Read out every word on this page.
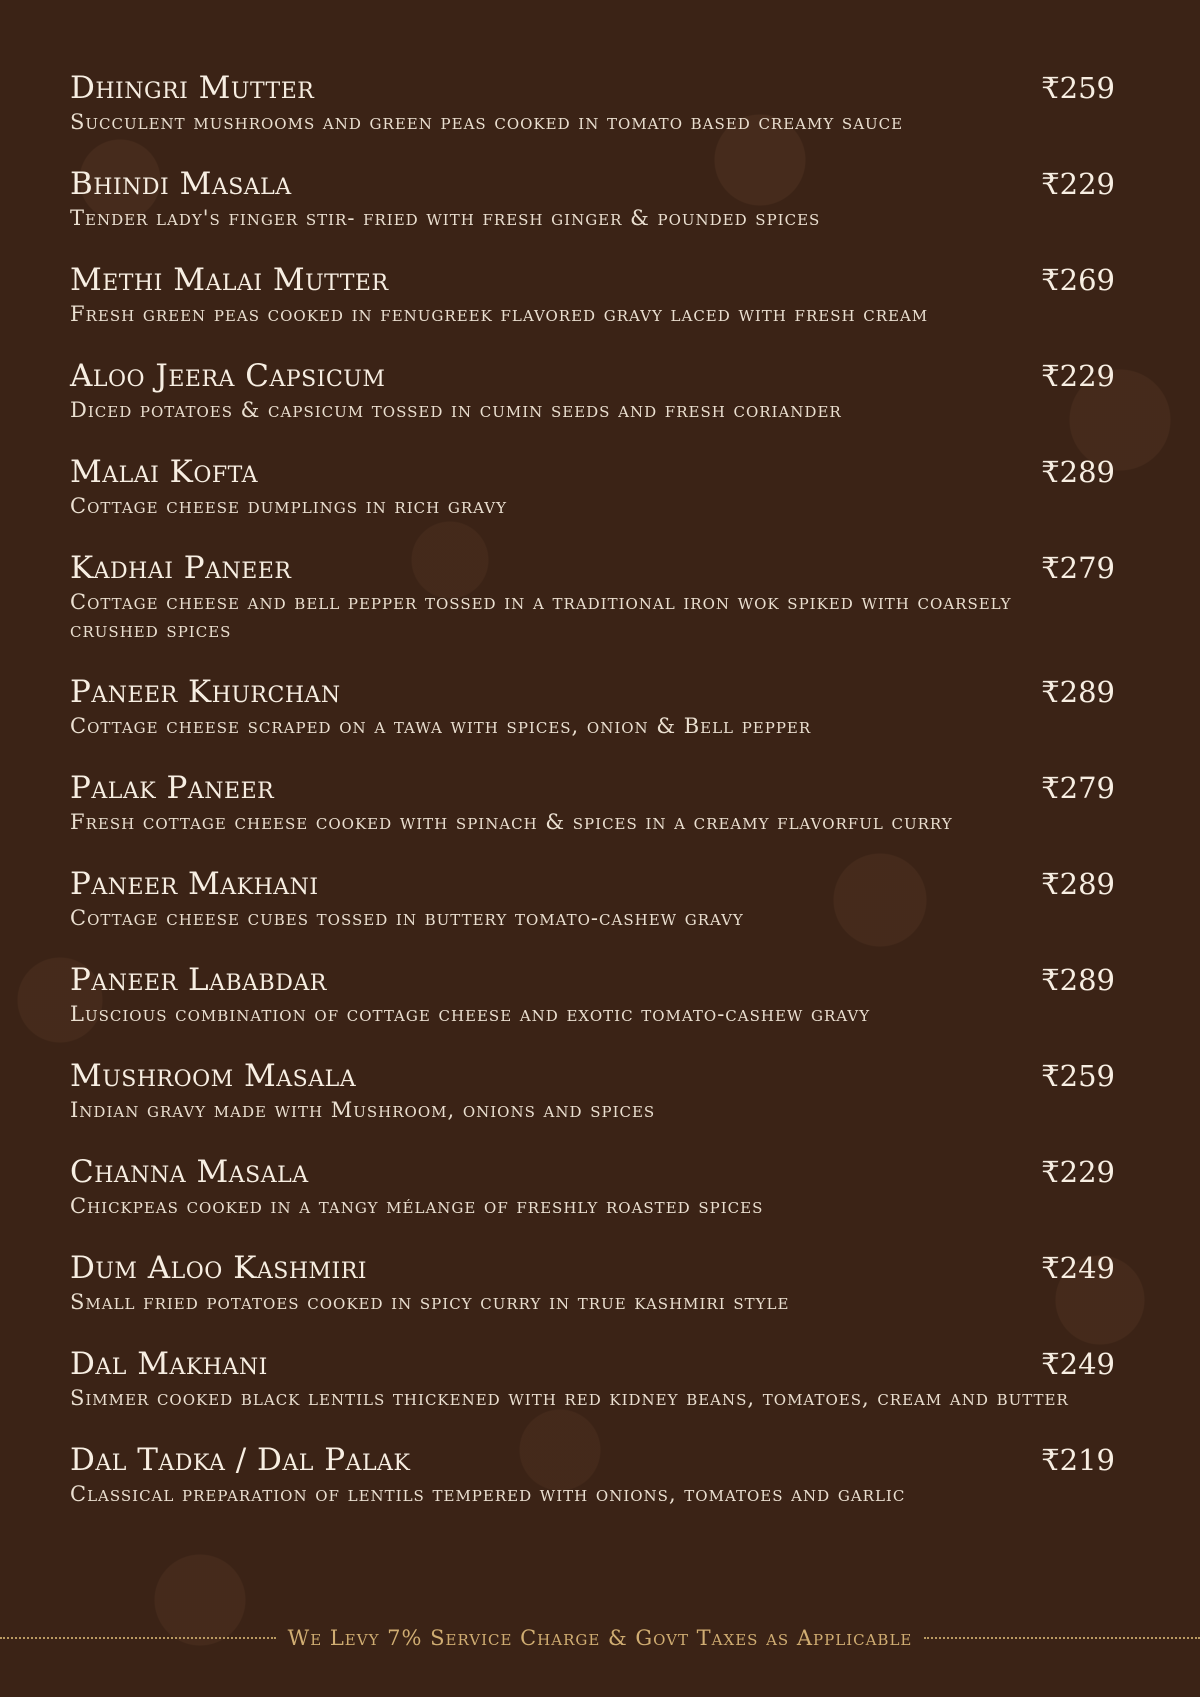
Dhingri Mutter	₹259
Succulent mushrooms and green peas cooked in tomato based creamy sauce
Bhindi Masala	₹229
Tender lady's finger stir- fried with fresh ginger & pounded spices
Methi Malai Mutter	₹269
Fresh green peas cooked in fenugreek flavored gravy laced with fresh cream
Aloo Jeera Capsicum	₹229
Diced potatoes & capsicum tossed in cumin seeds and fresh coriander
Malai Kofta	₹289
Cottage cheese dumplings in rich gravy
Kadhai Paneer	₹279
Cottage cheese and bell pepper tossed in a traditional iron wok spiked with coarsely crushed spices
Paneer Khurchan	₹289
Cottage cheese scraped on a tawa with spices, onion & Bell pepper
Palak Paneer	₹279
Fresh cottage cheese cooked with spinach & spices in a creamy flavorful curry
Paneer Makhani	₹289
Cottage cheese cubes tossed in buttery tomato-cashew gravy
Paneer Lababdar	₹289
Luscious combination of cottage cheese and exotic tomato-cashew gravy
Mushroom Masala	₹259
Indian gravy made with Mushroom, onions and spices
Channa Masala	₹229
Chickpeas cooked in a tangy mélange of freshly roasted spices
Dum Aloo Kashmiri	₹249
Small fried potatoes cooked in spicy curry in true kashmiri style
Dal Makhani	₹249
Simmer cooked black lentils thickened with red kidney beans, tomatoes, cream and butter
Dal Tadka / Dal Palak	₹219
Classical preparation of lentils tempered with onions, tomatoes and garlic
We Levy 7% Service Charge & Govt Taxes as Applicable
